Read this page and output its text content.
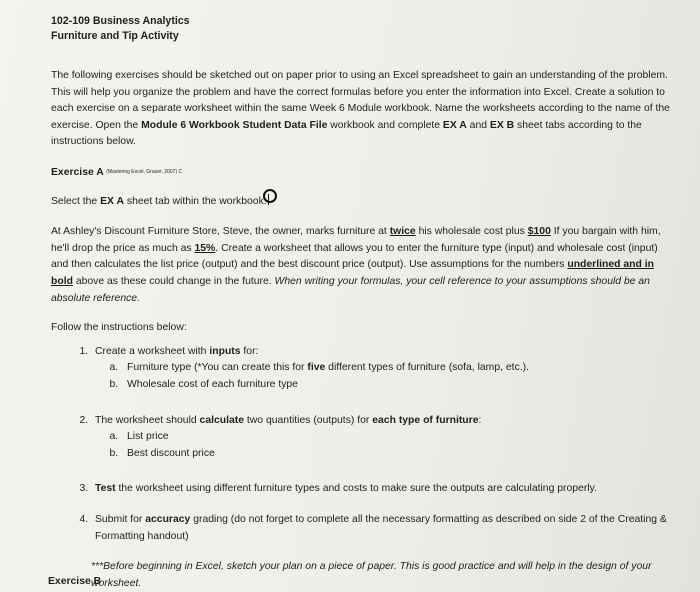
102-109 Business Analytics
Furniture and Tip Activity

The following exercises should be sketched out on paper prior to using an Excel spreadsheet to gain an understanding of the problem. This will help you organize the problem and have the correct formulas before you enter the information into Excel. Create a solution to each exercise on a separate worksheet within the same Week 6 Module workbook. Name the worksheets according to the name of the exercise. Open the Module 6 Workbook Student Data File workbook and complete EX A and EX B sheet tabs according to the instructions below.

Exercise A (Mastering Excel, Grauer, 2007) C

Select the EX A sheet tab within the workbook.

At Ashley's Discount Furniture Store, Steve, the owner, marks furniture at twice his wholesale cost plus $100 If you bargain with him, he'll drop the price as much as 15%. Create a worksheet that allows you to enter the furniture type (input) and wholesale cost (input) and then calculates the list price (output) and the best discount price (output). Use assumptions for the numbers underlined and in bold above as these could change in the future. When writing your formulas, your cell reference to your assumptions should be an absolute reference.

Follow the instructions below:

1. Create a worksheet with inputs for:
a. Furniture type (*You can create this for five different types of furniture (sofa, lamp, etc.).
b. Wholesale cost of each furniture type
2. The worksheet should calculate two quantities (outputs) for each type of furniture:
a. List price
b. Best discount price
3. Test the worksheet using different furniture types and costs to make sure the outputs are calculating properly.
4. Submit for accuracy grading (do not forget to complete all the necessary formatting as described on side 2 of the Creating & Formatting handout)

***Before beginning in Excel, sketch your plan on a piece of paper. This is good practice and will help in the design of your worksheet.

Exercise B
